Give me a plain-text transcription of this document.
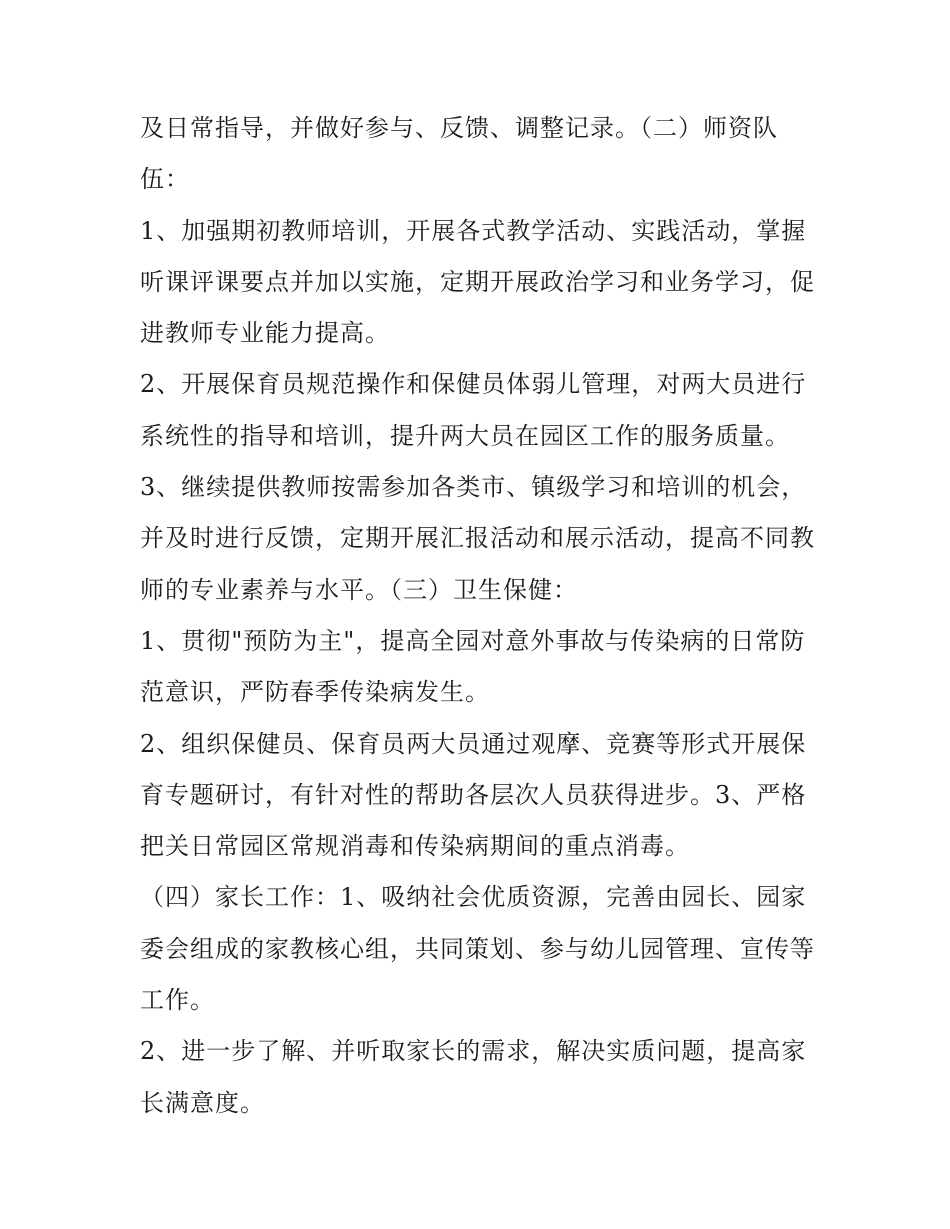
及日常指导，并做好参与、反馈、调整记录。（二）师资队
伍：
1、加强期初教师培训，开展各式教学活动、实践活动，掌握
听课评课要点并加以实施，定期开展政治学习和业务学习，促
进教师专业能力提高。
2、开展保育员规范操作和保健员体弱儿管理，对两大员进行
系统性的指导和培训，提升两大员在园区工作的服务质量。
3、继续提供教师按需参加各类市、镇级学习和培训的机会，
并及时进行反馈，定期开展汇报活动和展示活动，提高不同教
师的专业素养与水平。（三）卫生保健：
1、贯彻"预防为主"，提高全园对意外事故与传染病的日常防
范意识，严防春季传染病发生。
2、组织保健员、保育员两大员通过观摩、竞赛等形式开展保
育专题研讨，有针对性的帮助各层次人员获得进步。3、严格
把关日常园区常规消毒和传染病期间的重点消毒。
（四）家长工作：1、吸纳社会优质资源，完善由园长、园家
委会组成的家教核心组，共同策划、参与幼儿园管理、宣传等
工作。
2、进一步了解、并听取家长的需求，解决实质问题，提高家
长满意度。
